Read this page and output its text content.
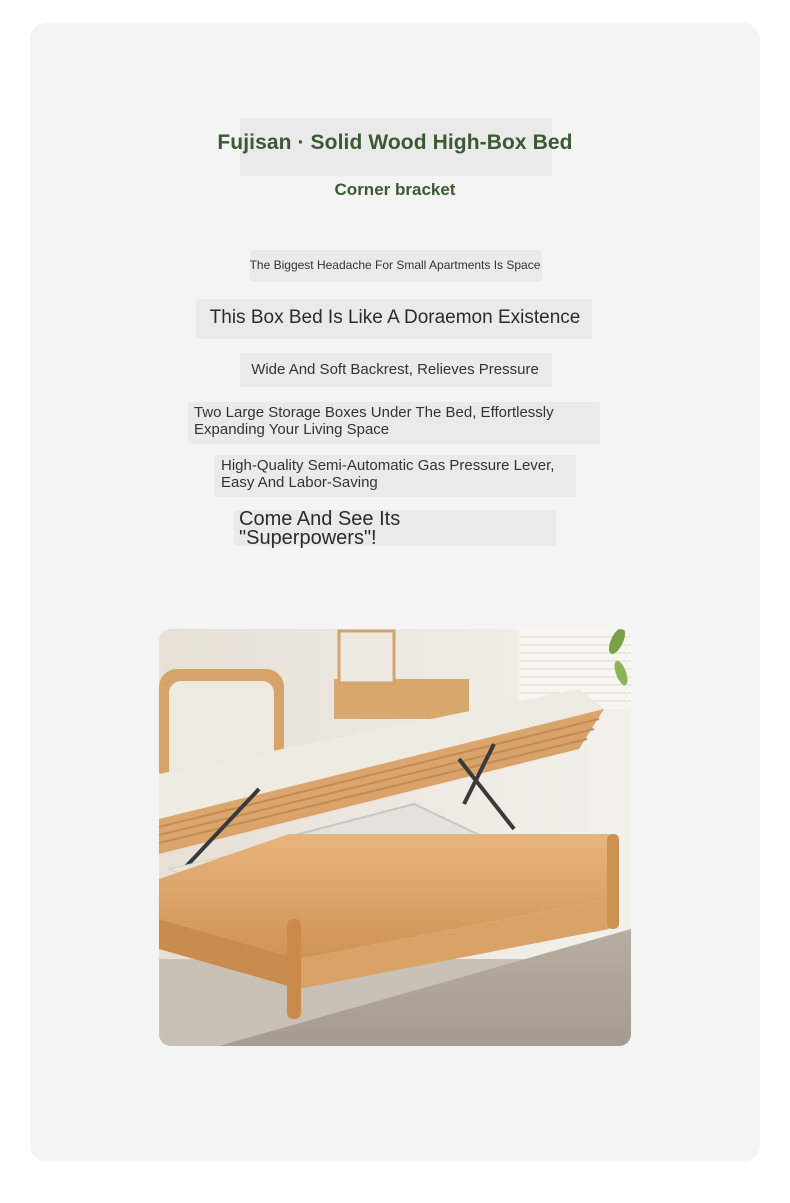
Fujisan · Solid Wood High-Box Bed
Corner bracket

The Biggest Headache For Small Apartments Is Space

This Box Bed Is Like A Doraemon Existence

Wide And Soft Backrest, Relieves Pressure

Two Large Storage Boxes Under The Bed, Effortlessly Expanding Your Living Space

High-Quality Semi-Automatic Gas Pressure Lever, Easy And Labor-Saving

Come And See Its "Superpowers"!
